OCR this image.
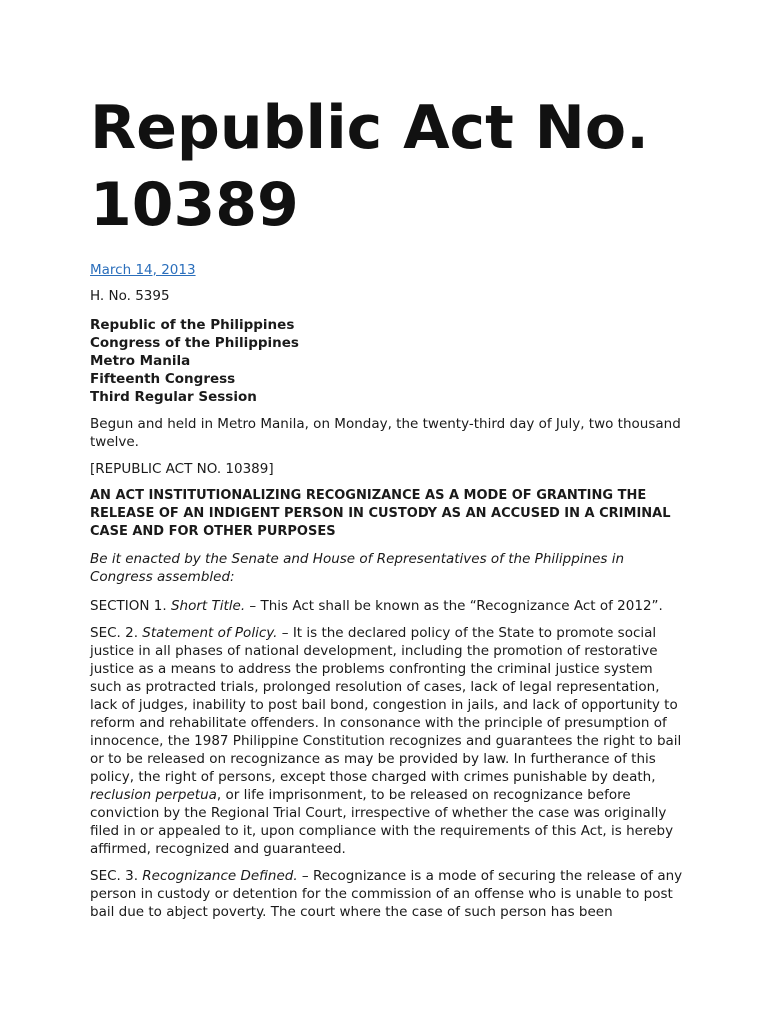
Republic Act No. 10389
March 14, 2013

H. No. 5395

Republic of the Philippines
Congress of the Philippines
Metro Manila
Fifteenth Congress
Third Regular Session

Begun and held in Metro Manila, on Monday, the twenty-third day of July, two thousand twelve.

[REPUBLIC ACT NO. 10389]

AN ACT INSTITUTIONALIZING RECOGNIZANCE AS A MODE OF GRANTING THE RELEASE OF AN INDIGENT PERSON IN CUSTODY AS AN ACCUSED IN A CRIMINAL CASE AND FOR OTHER PURPOSES

Be it enacted by the Senate and House of Representatives of the Philippines in Congress assembled:

SECTION 1. Short Title. – This Act shall be known as the “Recognizance Act of 2012”.

SEC. 2. Statement of Policy. – It is the declared policy of the State to promote social justice in all phases of national development, including the promotion of restorative justice as a means to address the problems confronting the criminal justice system such as protracted trials, prolonged resolution of cases, lack of legal representation, lack of judges, inability to post bail bond, congestion in jails, and lack of opportunity to reform and rehabilitate offenders. In consonance with the principle of presumption of innocence, the 1987 Philippine Constitution recognizes and guarantees the right to bail or to be released on recognizance as may be provided by law. In furtherance of this policy, the right of persons, except those charged with crimes punishable by death, reclusion perpetua, or life imprisonment, to be released on recognizance before conviction by the Regional Trial Court, irrespective of whether the case was originally filed in or appealed to it, upon compliance with the requirements of this Act, is hereby affirmed, recognized and guaranteed.

SEC. 3. Recognizance Defined. – Recognizance is a mode of securing the release of any person in custody or detention for the commission of an offense who is unable to post bail due to abject poverty. The court where the case of such person has been
